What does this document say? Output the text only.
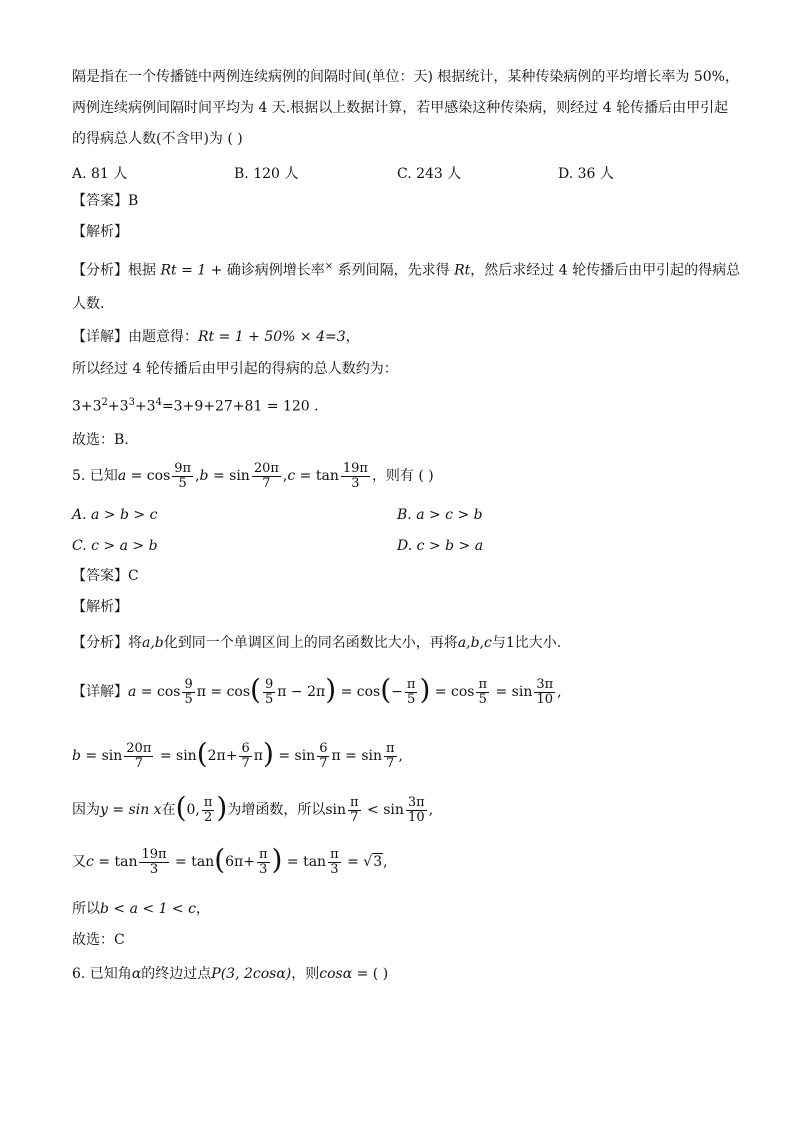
隔是指在一个传播链中两例连续病例的间隔时间(单位：天) 根据统计，某种传染病例的平均增长率为 50%，
两例连续病例间隔时间平均为 4 天.根据以上数据计算，若甲感染这种传染病，则经过 4 轮传播后由甲引起
的得病总人数(不含甲)为 ( )
A. 81 人	B. 120 人	C. 243 人	D. 36 人
【答案】B
【解析】
【分析】根据 Rt = 1 + 确诊病例增长率× 系列间隔，先求得 Rt，然后求经过 4 轮传播后由甲引起的得病总
人数.
【详解】由题意得：Rt = 1 + 50% × 4=3，
所以经过 4 轮传播后由甲引起的得病的总人数约为：
$3+3^2+3^3+3^4=3+9+27+81 = 120$ .
故选：B.
5. 已知$a = \cos \frac{9\pi}{5} ,b = \sin \frac{20\pi}{7} ,c = \tan \frac{19\pi}{3}$ ，则有 ( )
A. a > b > c	B. a > c > b
C. c > a > b	D. c > b > a
【答案】C
【解析】
【分析】将a,b化到同一个单调区间上的同名函数比大小，再将a,b,c与1比大小.
【详解】$a = \cos \frac{9}{5}$ $\pi = \cos( \frac{9}{5}$ $\pi - 2\pi) = \cos(- \frac{\pi}{5}$ ) = $\cos \frac{\pi}{5} = \sin \frac{3\pi}{10}$ ,
$b = \sin \frac{20\pi}{7} = \sin(2\pi+ \frac{6}{7} \pi) = \sin \frac{6}{7}$ $\pi = \sin \frac{\pi}{7}$ ,
因为y = sin x在(0, $\frac{\pi}{2}$ )为增函数，所以$\sin \frac{\pi}{7} < \sin \frac{3\pi}{10}$ ,
又$c = \tan \frac{19\pi}{3} = \tan(6\pi+ \frac{\pi}{3}$ ) = $\tan \frac{\pi}{3} = √3$,
所以b < a < 1 < c，
故选：C
6. 已知角α的终边过点P(3, 2cosα)，则cosα = ( )
